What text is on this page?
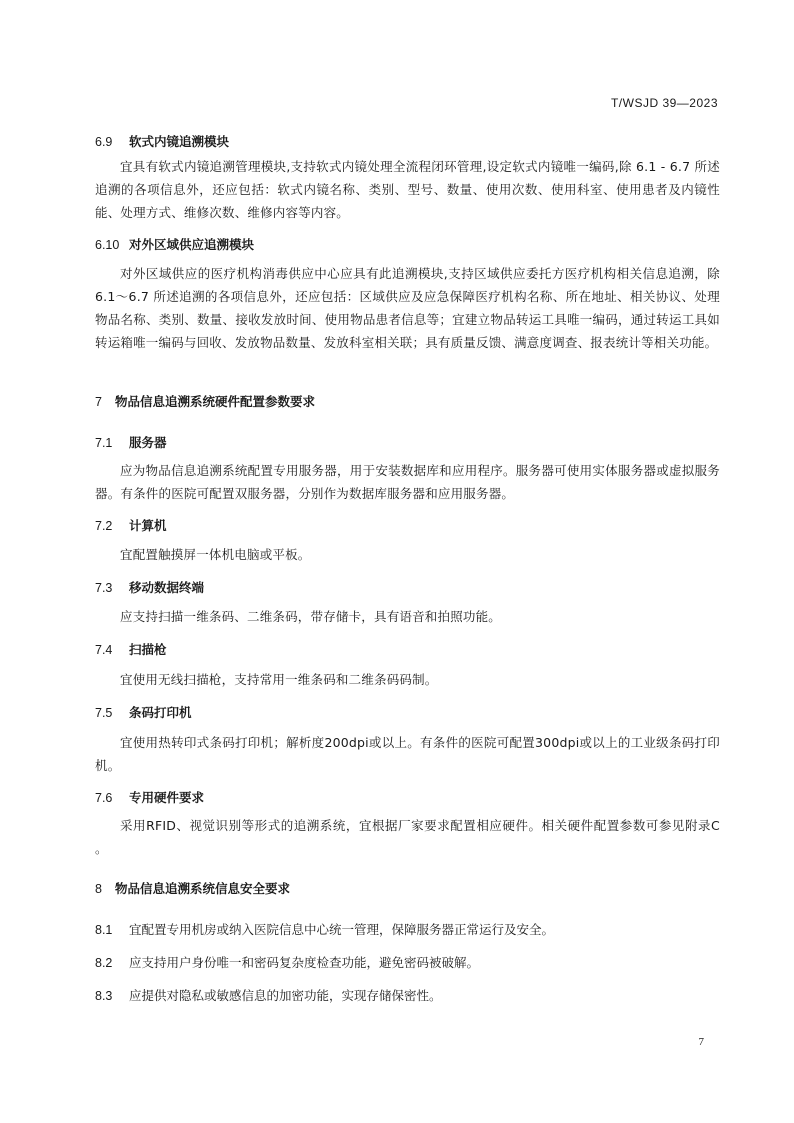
T/WSJD 39—2023
6.9 软式内镜追溯模块
宜具有软式内镜追溯管理模块,支持软式内镜处理全流程闭环管理,设定软式内镜唯一编码,除 6.1 - 6.7 所述追溯的各项信息外，还应包括：软式内镜名称、类别、型号、数量、使用次数、使用科室、使用患者及内镜性能、处理方式、维修次数、维修内容等内容。
6.10 对外区域供应追溯模块
对外区域供应的医疗机构消毒供应中心应具有此追溯模块,支持区域供应委托方医疗机构相关信息追溯，除 6.1～6.7 所述追溯的各项信息外，还应包括：区域供应及应急保障医疗机构名称、所在地址、相关协议、处理物品名称、类别、数量、接收发放时间、使用物品患者信息等；宜建立物品转运工具唯一编码，通过转运工具如转运箱唯一编码与回收、发放物品数量、发放科室相关联；具有质量反馈、满意度调查、报表统计等相关功能。
7 物品信息追溯系统硬件配置参数要求
7.1 服务器
应为物品信息追溯系统配置专用服务器，用于安装数据库和应用程序。服务器可使用实体服务器或虚拟服务器。有条件的医院可配置双服务器，分别作为数据库服务器和应用服务器。
7.2 计算机
宜配置触摸屏一体机电脑或平板。
7.3 移动数据终端
应支持扫描一维条码、二维条码，带存储卡，具有语音和拍照功能。
7.4 扫描枪
宜使用无线扫描枪，支持常用一维条码和二维条码码制。
7.5 条码打印机
宜使用热转印式条码打印机；解析度200dpi或以上。有条件的医院可配置300dpi或以上的工业级条码打印机。
7.6 专用硬件要求
采用RFID、视觉识别等形式的追溯系统，宜根据厂家要求配置相应硬件。相关硬件配置参数可参见附录C 。
8 物品信息追溯系统信息安全要求
8.1 宜配置专用机房或纳入医院信息中心统一管理，保障服务器正常运行及安全。
8.2 应支持用户身份唯一和密码复杂度检查功能，避免密码被破解。
8.3 应提供对隐私或敏感信息的加密功能，实现存储保密性。
7
